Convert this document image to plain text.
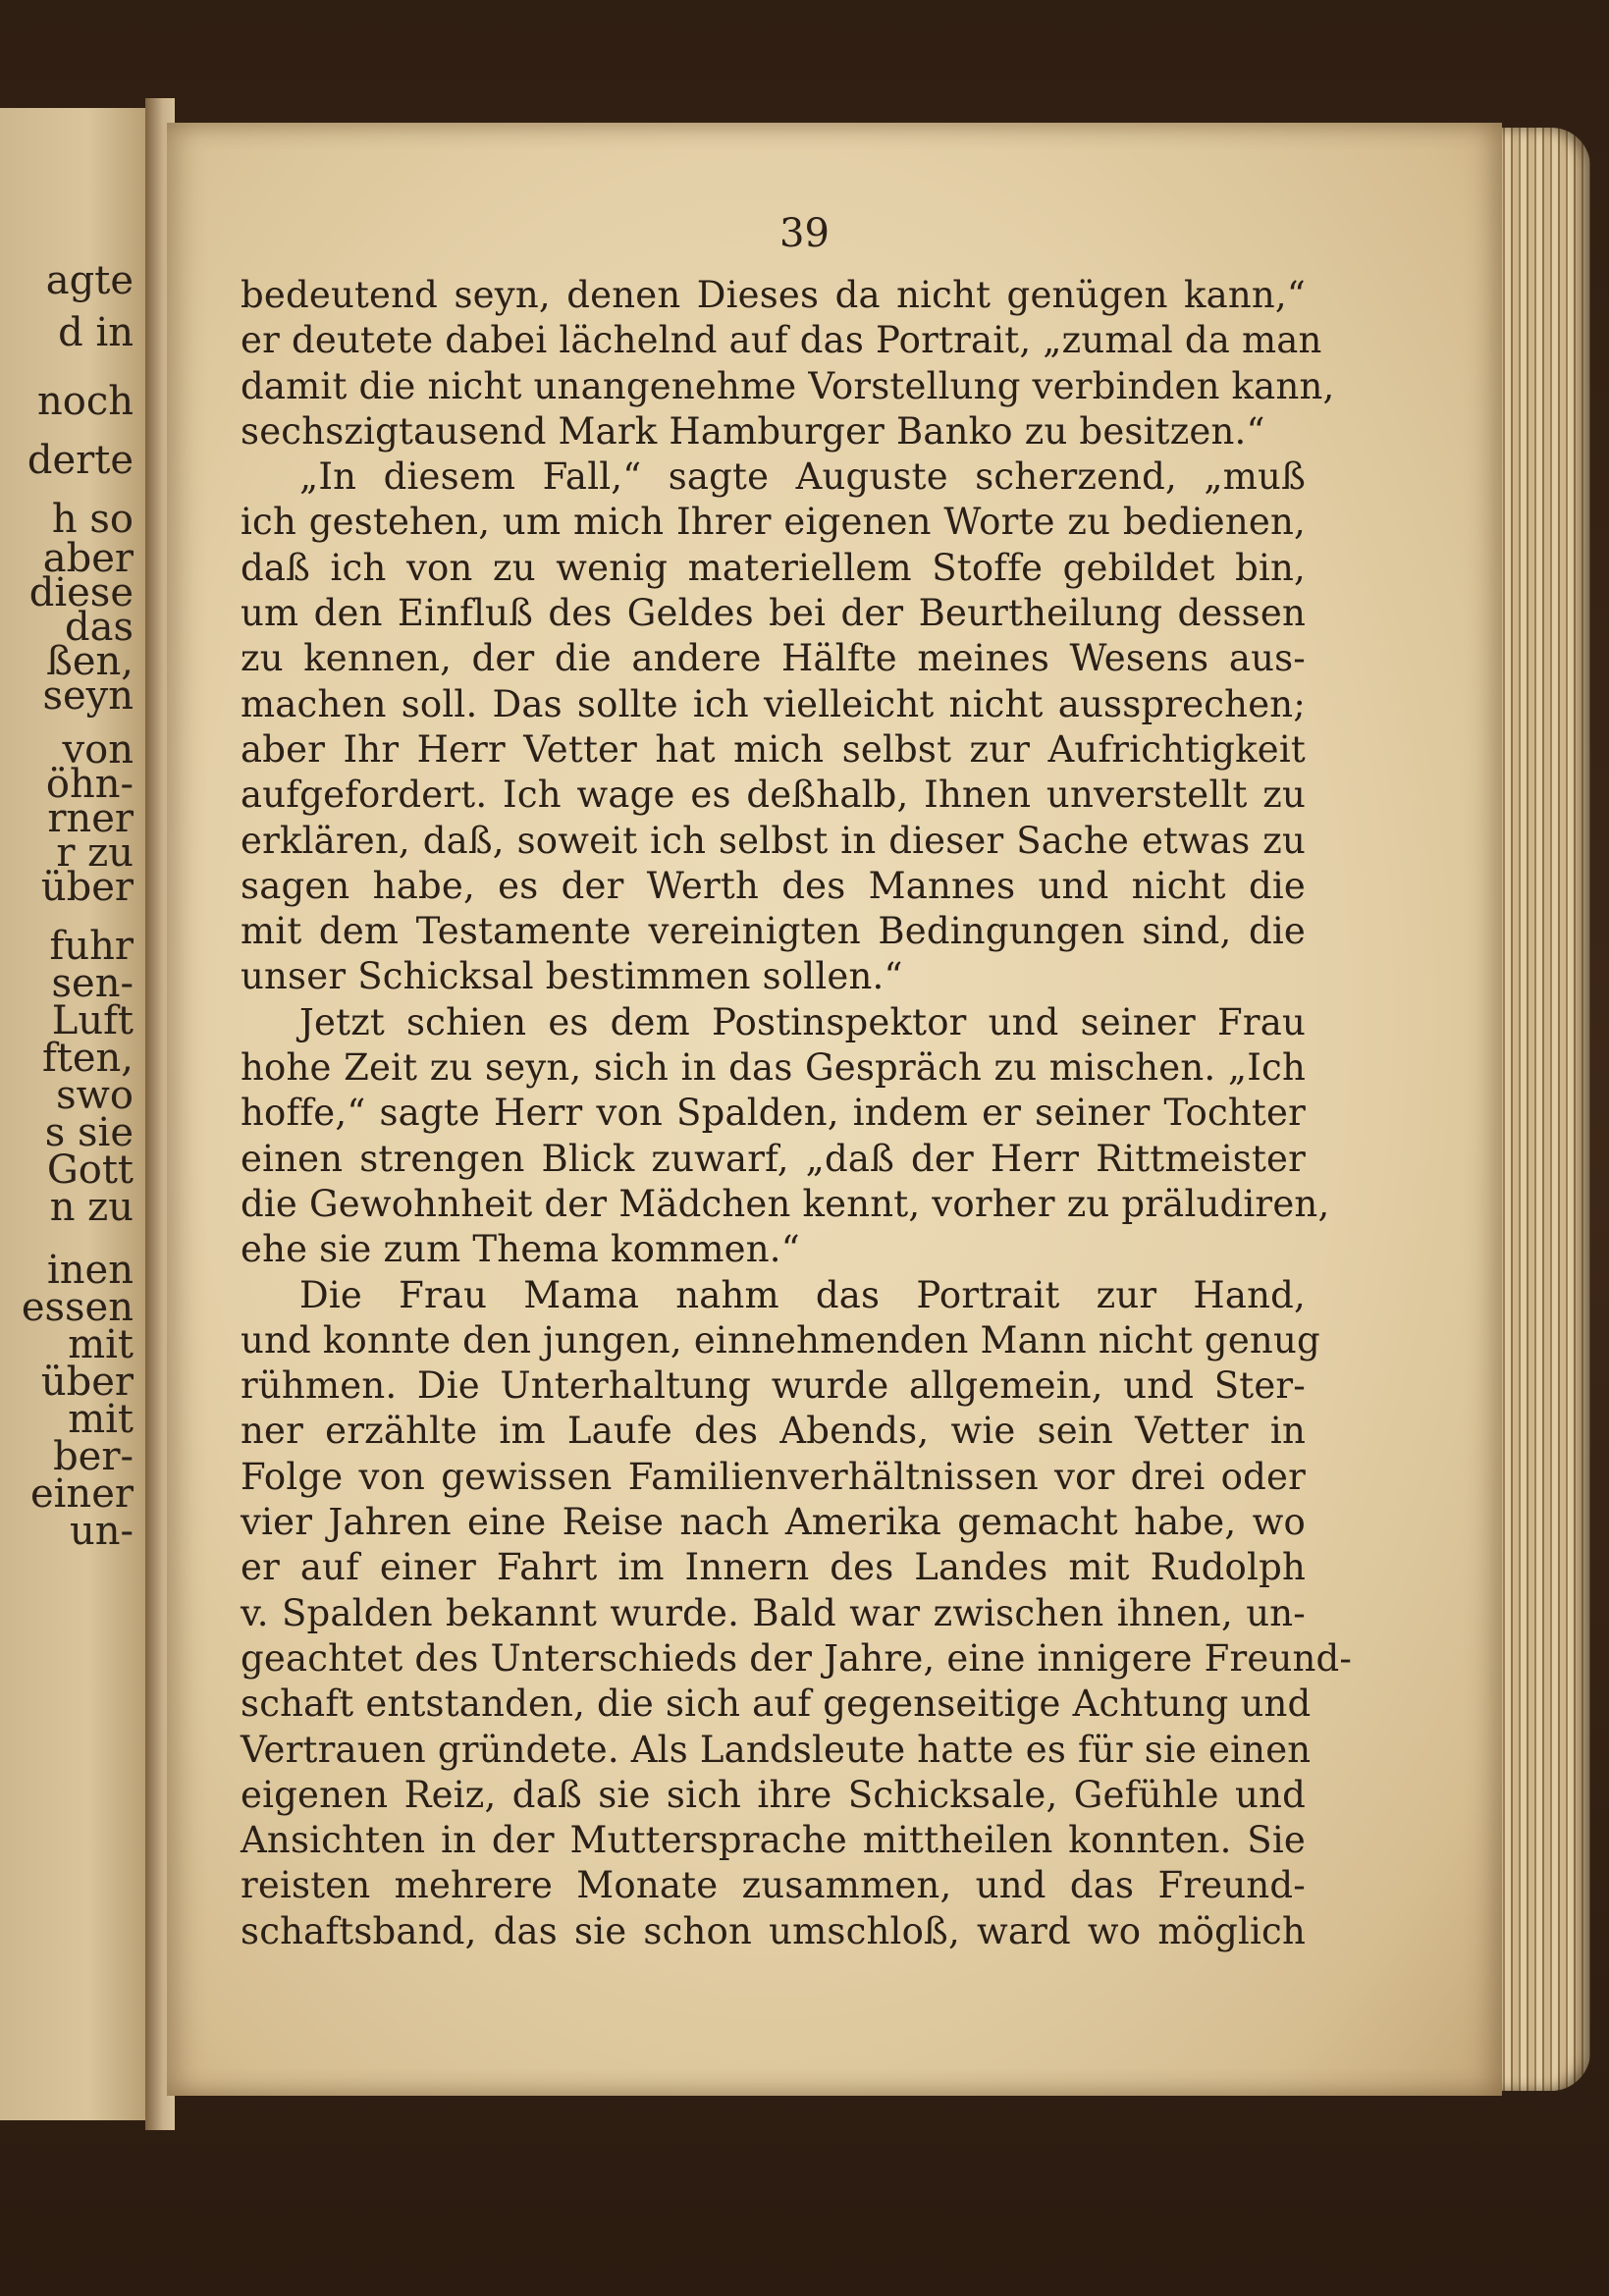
agte

d in

noch

derte

h so

aber

diese

das

ßen,

seyn

von

öhn-

rner

r zu

über

fuhr

sen-

Luft

ften,

swo

s sie

Gott

n zu

inen

essen

mit

über

mit

ber-

einer

un-

39

bedeutend seyn, denen Dieses da nicht genügen kann,“

er deutete dabei lächelnd auf das Portrait, „zumal da man

damit die nicht unangenehme Vorstellung verbinden kann,

sechszigtausend Mark Hamburger Banko zu besitzen.“

„In diesem Fall,“ sagte Auguste scherzend, „muß

ich gestehen, um mich Ihrer eigenen Worte zu bedienen,

daß ich von zu wenig materiellem Stoffe gebildet bin,

um den Einfluß des Geldes bei der Beurtheilung dessen

zu kennen, der die andere Hälfte meines Wesens aus-

machen soll. Das sollte ich vielleicht nicht aussprechen;

aber Ihr Herr Vetter hat mich selbst zur Aufrichtigkeit

aufgefordert. Ich wage es deßhalb, Ihnen unverstellt zu

erklären, daß, soweit ich selbst in dieser Sache etwas zu

sagen habe, es der Werth des Mannes und nicht die

mit dem Testamente vereinigten Bedingungen sind, die

unser Schicksal bestimmen sollen.“

Jetzt schien es dem Postinspektor und seiner Frau

hohe Zeit zu seyn, sich in das Gespräch zu mischen. „Ich

hoffe,“ sagte Herr von Spalden, indem er seiner Tochter

einen strengen Blick zuwarf, „daß der Herr Rittmeister

die Gewohnheit der Mädchen kennt, vorher zu präludiren,

ehe sie zum Thema kommen.“

Die Frau Mama nahm das Portrait zur Hand,

und konnte den jungen, einnehmenden Mann nicht genug

rühmen. Die Unterhaltung wurde allgemein, und Ster-

ner erzählte im Laufe des Abends, wie sein Vetter in

Folge von gewissen Familienverhältnissen vor drei oder

vier Jahren eine Reise nach Amerika gemacht habe, wo

er auf einer Fahrt im Innern des Landes mit Rudolph

v. Spalden bekannt wurde. Bald war zwischen ihnen, un-

geachtet des Unterschieds der Jahre, eine innigere Freund-

schaft entstanden, die sich auf gegenseitige Achtung und

Vertrauen gründete. Als Landsleute hatte es für sie einen

eigenen Reiz, daß sie sich ihre Schicksale, Gefühle und

Ansichten in der Muttersprache mittheilen konnten. Sie

reisten mehrere Monate zusammen, und das Freund-

schaftsband, das sie schon umschloß, ward wo möglich
